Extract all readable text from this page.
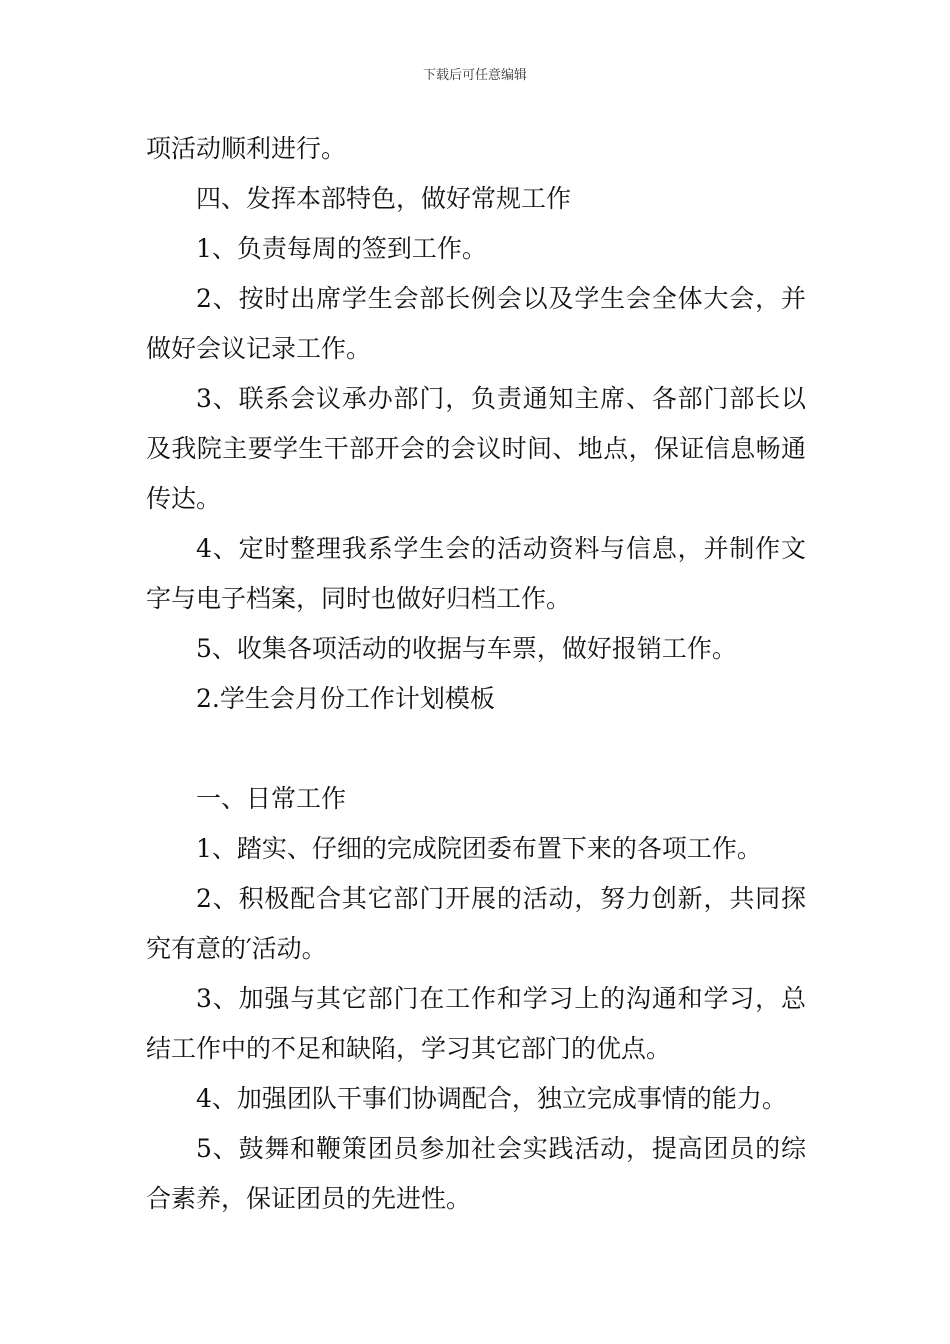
下载后可任意编辑

项活动顺利进行。

四、发挥本部特色，做好常规工作

1、负责每周的签到工作。

2、按时出席学生会部长例会以及学生会全体大会，并做好会议记录工作。

3、联系会议承办部门，负责通知主席、各部门部长以及我院主要学生干部开会的会议时间、地点，保证信息畅通传达。

4、定时整理我系学生会的活动资料与信息，并制作文字与电子档案，同时也做好归档工作。

5、收集各项活动的收据与车票，做好报销工作。

2.学生会月份工作计划模板

一、日常工作

1、踏实、仔细的完成院团委布置下来的各项工作。

2、积极配合其它部门开展的活动，努力创新，共同探究有意的′活动。

3、加强与其它部门在工作和学习上的沟通和学习，总结工作中的不足和缺陷，学习其它部门的优点。

4、加强团队干事们协调配合，独立完成事情的能力。

5、鼓舞和鞭策团员参加社会实践活动，提高团员的综合素养，保证团员的先进性。
